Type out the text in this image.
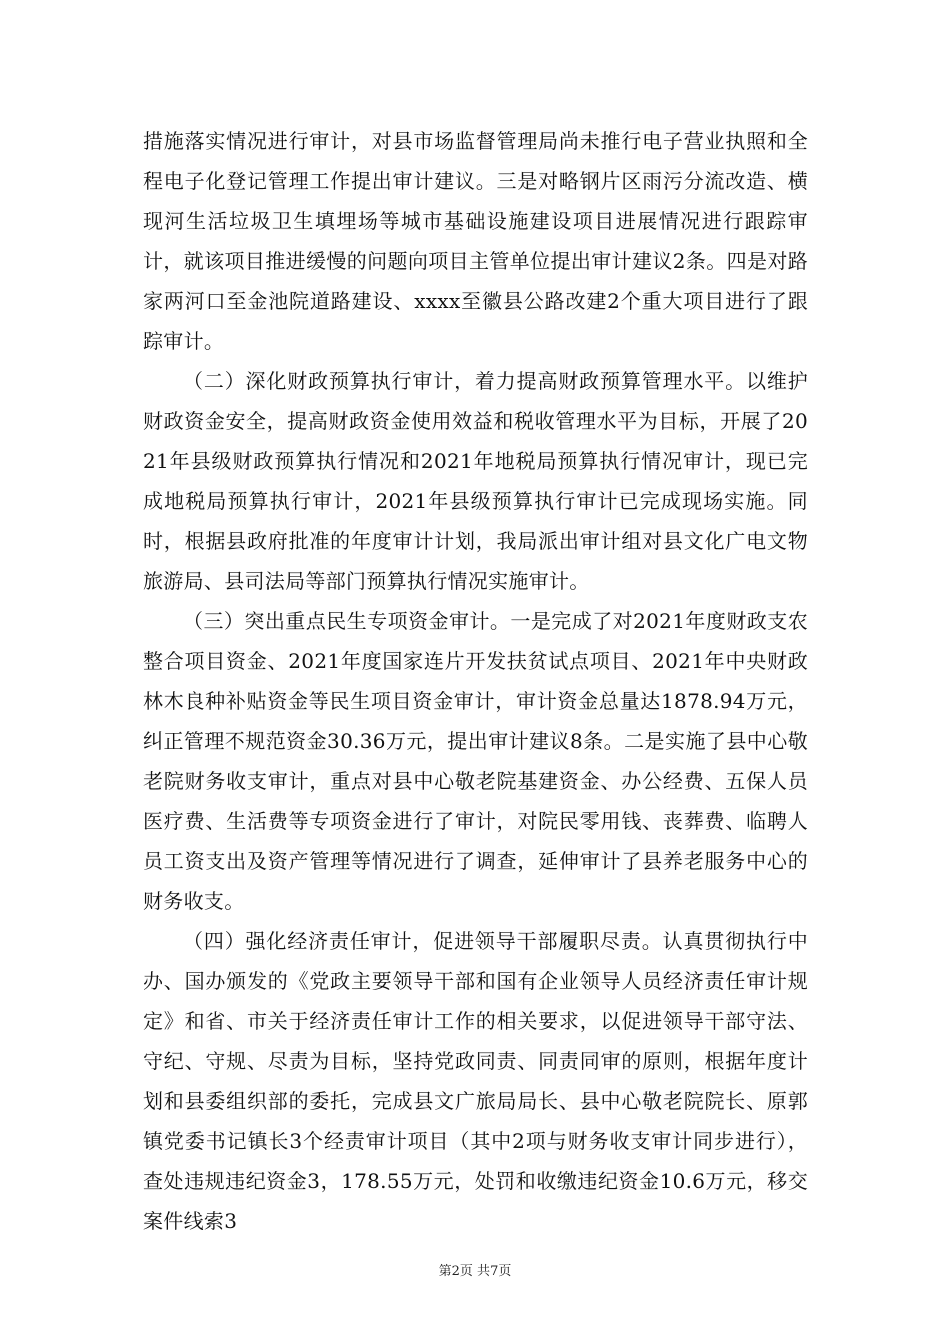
措施落实情况进行审计，对县市场监督管理局尚未推行电子营业执照和全程电子化登记管理工作提出审计建议。三是对略钢片区雨污分流改造、横现河生活垃圾卫生填埋场等城市基础设施建设项目进展情况进行跟踪审计，就该项目推进缓慢的问题向项目主管单位提出审计建议2条。四是对路家两河口至金池院道路建设、xxxx至徽县公路改建2个重大项目进行了跟踪审计。

（二）深化财政预算执行审计，着力提高财政预算管理水平。以维护财政资金安全，提高财政资金使用效益和税收管理水平为目标，开展了2021年县级财政预算执行情况和2021年地税局预算执行情况审计，现已完成地税局预算执行审计，2021年县级预算执行审计已完成现场实施。同时，根据县政府批准的年度审计计划，我局派出审计组对县文化广电文物旅游局、县司法局等部门预算执行情况实施审计。

（三）突出重点民生专项资金审计。一是完成了对2021年度财政支农整合项目资金、2021年度国家连片开发扶贫试点项目、2021年中央财政林木良种补贴资金等民生项目资金审计，审计资金总量达1878.94万元，纠正管理不规范资金30.36万元，提出审计建议8条。二是实施了县中心敬老院财务收支审计，重点对县中心敬老院基建资金、办公经费、五保人员医疗费、生活费等专项资金进行了审计，对院民零用钱、丧葬费、临聘人员工资支出及资产管理等情况进行了调查，延伸审计了县养老服务中心的财务收支。

（四）强化经济责任审计，促进领导干部履职尽责。认真贯彻执行中办、国办颁发的《党政主要领导干部和国有企业领导人员经济责任审计规定》和省、市关于经济责任审计工作的相关要求，以促进领导干部守法、守纪、守规、尽责为目标，坚持党政同责、同责同审的原则，根据年度计划和县委组织部的委托，完成县文广旅局局长、县中心敬老院院长、原郭镇党委书记镇长3个经责审计项目（其中2项与财务收支审计同步进行），查处违规违纪资金3，178.55万元，处罚和收缴违纪资金10.6万元，移交案件线索3

第2页 共7页
